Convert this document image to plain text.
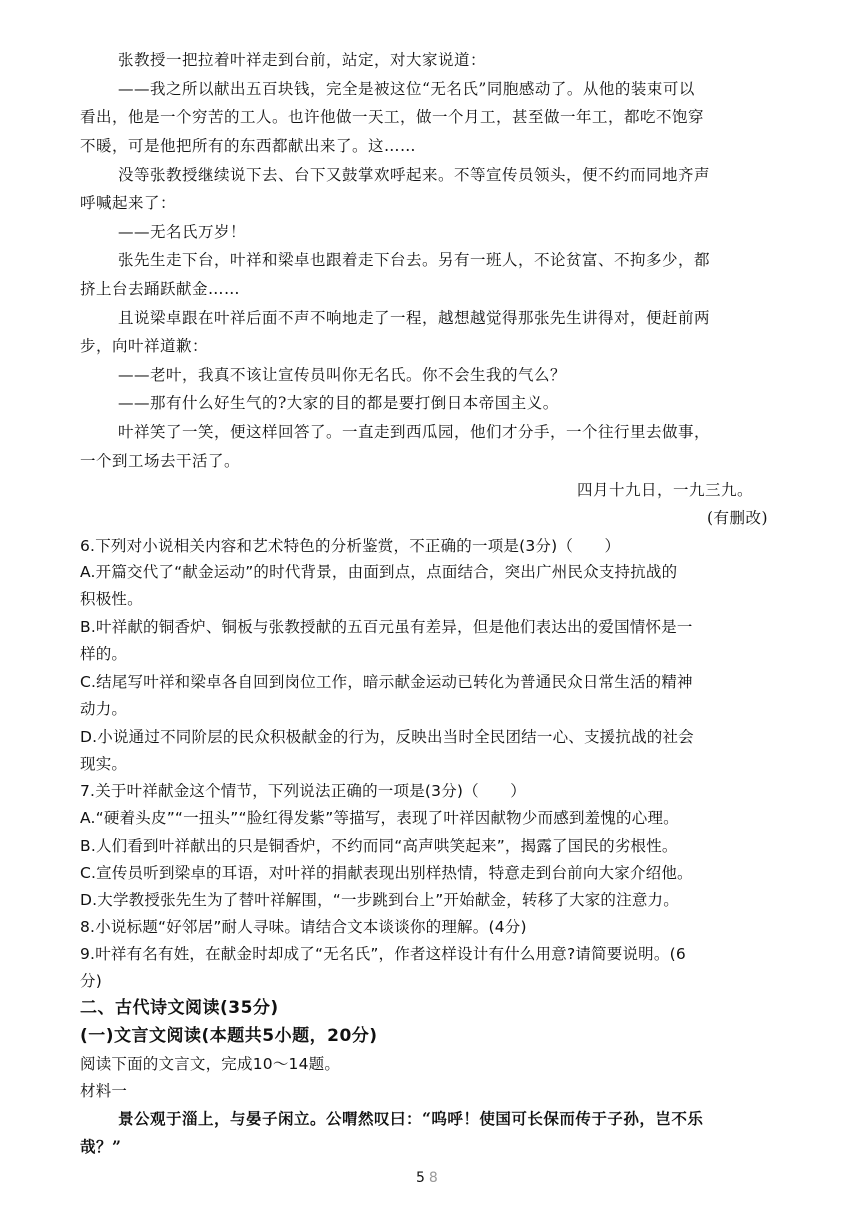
张教授一把拉着叶祥走到台前，站定，对大家说道：
——我之所以献出五百块钱，完全是被这位“无名氏”同胞感动了。从他的装束可以
看出，他是一个穷苦的工人。也许他做一天工，做一个月工，甚至做一年工，都吃不饱穿
不暖，可是他把所有的东西都献出来了。这……
没等张教授继续说下去、台下又鼓掌欢呼起来。不等宣传员领头，便不约而同地齐声
呼喊起来了：
——无名氏万岁！
张先生走下台，叶祥和梁卓也跟着走下台去。另有一班人，不论贫富、不拘多少，都
挤上台去踊跃献金……
且说梁卓跟在叶祥后面不声不响地走了一程，越想越觉得那张先生讲得对，便赶前两
步，向叶祥道歉：
——老叶，我真不该让宣传员叫你无名氏。你不会生我的气么？
——那有什么好生气的?大家的目的都是要打倒日本帝国主义。
叶祥笑了一笑，便这样回答了。一直走到西瓜园，他们才分手，一个往行里去做事，
一个到工场去干活了。
四月十九日，一九三九。
(有删改)
6.下列对小说相关内容和艺术特色的分析鉴赏，不正确的一项是(3分)（　　）
A.开篇交代了“献金运动”的时代背景，由面到点，点面结合，突出广州民众支持抗战的
积极性。
B.叶祥献的铜香炉、铜板与张教授献的五百元虽有差异，但是他们表达出的爱国情怀是一
样的。
C.结尾写叶祥和梁卓各自回到岗位工作，暗示献金运动已转化为普通民众日常生活的精神
动力。
D.小说通过不同阶层的民众积极献金的行为，反映出当时全民团结一心、支援抗战的社会
现实。
7.关于叶祥献金这个情节，下列说法正确的一项是(3分)（　　）
A.“硬着头皮”“一扭头”“脸红得发紫”等描写，表现了叶祥因献物少而感到羞愧的心理。
B.人们看到叶祥献出的只是铜香炉，不约而同“高声哄笑起来”，揭露了国民的劣根性。
C.宣传员听到梁卓的耳语，对叶祥的捐献表现出别样热情，特意走到台前向大家介绍他。
D.大学教授张先生为了替叶祥解围，“一步跳到台上”开始献金，转移了大家的注意力。
8.小说标题“好邻居”耐人寻味。请结合文本谈谈你的理解。(4分)
9.叶祥有名有姓，在献金时却成了“无名氏”，作者这样设计有什么用意?请简要说明。(6
分)
二、古代诗文阅读(35分)
(一)文言文阅读(本题共5小题，20分)
阅读下面的文言文，完成10～14题。
材料一
景公观于淄上，与晏子闲立。公喟然叹曰：“呜呼！使国可长保而传于子孙，岂不乐
哉？”
5 8
